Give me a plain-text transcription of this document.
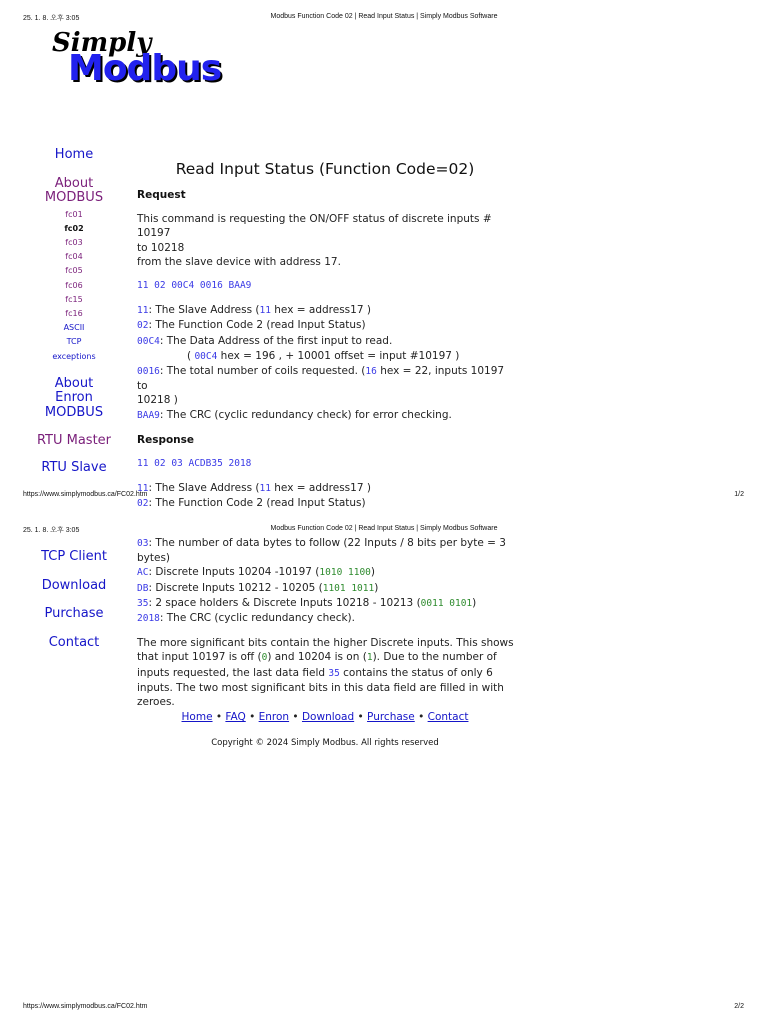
25. 1. 8. 오후 3:05	Modbus Function Code 02 | Read Input Status | Simply Modbus Software
Simply
Modbus
Home
About
MODBUS
fc01
fc02
fc03
fc04
fc05
fc06
fc15
fc16
ASCII
TCP
exceptions
About
Enron
MODBUS
RTU Master
RTU Slave
Read Input Status (Function Code=02)

Request

This command is requesting the ON/OFF status of discrete inputs # 10197

to 10218

from the slave device with address 17.

11 02 00C4 0016 BAA9

11: The Slave Address (11 hex = address17 )

02: The Function Code 2 (read Input Status)

00C4: The Data Address of the first input to read.

( 00C4 hex = 196 , + 10001 offset = input #10197 )

0016: The total number of coils requested. (16 hex = 22, inputs 10197 to

10218 )

BAA9: The CRC (cyclic redundancy check) for error checking.

Response

11 02 03 ACDB35 2018

11: The Slave Address (11 hex = address17 )

02: The Function Code 2 (read Input Status)

https://www.simplymodbus.ca/FC02.htm	1/2
25. 1. 8. 오후 3:05	Modbus Function Code 02 | Read Input Status | Simply Modbus Software
TCP Client
Download
Purchase
Contact

03: The number of data bytes to follow (22 Inputs / 8 bits per byte = 3

bytes)

AC: Discrete Inputs 10204 -10197 (1010 1100)

DB: Discrete Inputs 10212 - 10205 (1101 1011)

35: 2 space holders & Discrete Inputs 10218 - 10213 (0011 0101)

2018: The CRC (cyclic redundancy check).

The more significant bits contain the higher Discrete inputs. This shows

that input 10197 is off (0) and 10204 is on (1). Due to the number of

inputs requested, the last data field 35 contains the status of only 6

inputs. The two most significant bits in this data field are filled in with

zeroes.

Home • FAQ • Enron • Download • Purchase • Contact
Copyright © 2024 Simply Modbus. All rights reserved
https://www.simplymodbus.ca/FC02.htm	2/2
